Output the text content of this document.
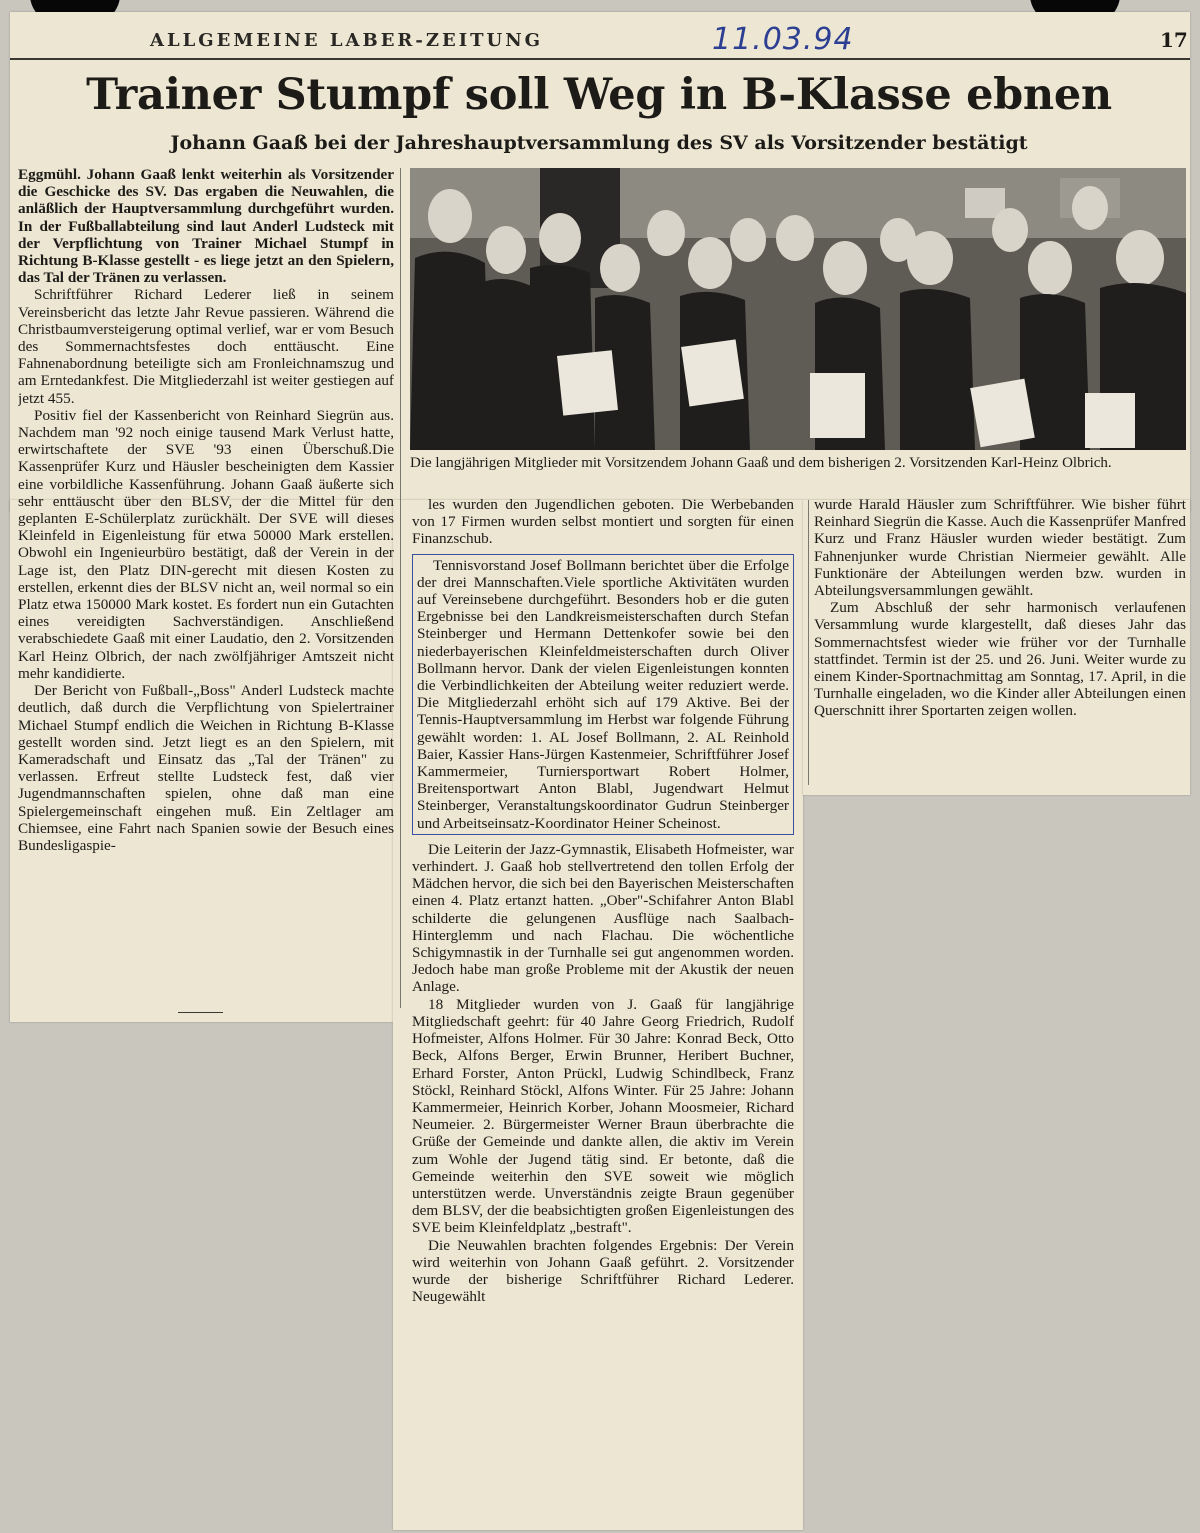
ALLGEMEINE LABER-ZEITUNG	17
11.03.94
Trainer Stumpf soll Weg in B-Klasse ebnen
Johann Gaaß bei der Jahreshauptversammlung des SV als Vorsitzender bestätigt
Die langjährigen Mitglieder mit Vorsitzendem Johann Gaaß und dem bisherigen 2. Vorsitzenden Karl-Heinz Olbrich.

Eggmühl. Johann Gaaß lenkt weiterhin als Vorsitzender die Geschicke des SV. Das ergaben die Neuwahlen, die anläßlich der Hauptversammlung durchgeführt wurden. In der Fußballabteilung sind laut Anderl Ludsteck mit der Verpflichtung von Trainer Michael Stumpf in Richtung B-Klasse gestellt - es liege jetzt an den Spielern, das Tal der Tränen zu verlassen.

Schriftführer Richard Lederer ließ in seinem Vereinsbericht das letzte Jahr Revue passieren. Während die Christbaumversteigerung optimal verlief, war er vom Besuch des Sommernachtsfestes doch enttäuscht. Eine Fahnenabordnung beteiligte sich am Fronleichnamszug und am Erntedankfest. Die Mitgliederzahl ist weiter gestiegen auf jetzt 455.

Positiv fiel der Kassenbericht von Reinhard Siegrün aus. Nachdem man '92 noch einige tausend Mark Verlust hatte, erwirtschaftete der SVE '93 einen Überschuß.Die Kassenprüfer Kurz und Häusler bescheinigten dem Kassier eine vorbildliche Kassenführung. Johann Gaaß äußerte sich sehr enttäuscht über den BLSV, der die Mittel für den geplanten E-Schülerplatz zurückhält. Der SVE will dieses Kleinfeld in Eigenleistung für etwa 50000 Mark erstellen. Obwohl ein Ingenieurbüro bestätigt, daß der Verein in der Lage ist, den Platz DIN-gerecht mit diesen Kosten zu erstellen, erkennt dies der BLSV nicht an, weil normal so ein Platz etwa 150000 Mark kostet. Es fordert nun ein Gutachten eines vereidigten Sachverständigen. Anschließend verabschiedete Gaaß mit einer Laudatio, den 2. Vorsitzenden Karl Heinz Olbrich, der nach zwölfjähriger Amtszeit nicht mehr kandidierte.

Der Bericht von Fußball-„Boss" Anderl Ludsteck machte deutlich, daß durch die Verpflichtung von Spielertrainer Michael Stumpf endlich die Weichen in Richtung B-Klasse gestellt worden sind. Jetzt liegt es an den Spielern, mit Kameradschaft und Einsatz das „Tal der Tränen" zu verlassen. Erfreut stellte Ludsteck fest, daß vier Jugendmannschaften spielen, ohne daß man eine Spielergemeinschaft eingehen muß. Ein Zeltlager am Chiemsee, eine Fahrt nach Spanien sowie der Besuch eines Bundesligaspie-

les wurden den Jugendlichen geboten. Die Werbebanden von 17 Firmen wurden selbst montiert und sorgten für einen Finanzschub.

Tennisvorstand Josef Bollmann berichtet über die Erfolge der drei Mannschaften.Viele sportliche Aktivitäten wurden auf Vereinsebene durchgeführt. Besonders hob er die guten Ergebnisse bei den Landkreismeisterschaften durch Stefan Steinberger und Hermann Dettenkofer sowie bei den niederbayerischen Kleinfeldmeisterschaften durch Oliver Bollmann hervor. Dank der vielen Eigenleistungen konnten die Verbindlichkeiten der Abteilung weiter reduziert werde. Die Mitgliederzahl erhöht sich auf 179 Aktive. Bei der Tennis-Hauptversammlung im Herbst war folgende Führung gewählt worden: 1. AL Josef Bollmann, 2. AL Reinhold Baier, Kassier Hans-Jürgen Kastenmeier, Schriftführer Josef Kammermeier, Turniersportwart Robert Holmer, Breitensportwart Anton Blabl, Jugendwart Helmut Steinberger, Veranstaltungskoordinator Gudrun Steinberger und Arbeitseinsatz-Koordinator Heiner Scheinost.

Die Leiterin der Jazz-Gymnastik, Elisabeth Hofmeister, war verhindert. J. Gaaß hob stellvertretend den tollen Erfolg der Mädchen hervor, die sich bei den Bayerischen Meisterschaften einen 4. Platz ertanzt hatten. „Ober"-Schifahrer Anton Blabl schilderte die gelungenen Ausflüge nach Saalbach-Hinterglemm und nach Flachau. Die wöchentliche Schigymnastik in der Turnhalle sei gut angenommen worden. Jedoch habe man große Probleme mit der Akustik der neuen Anlage.

18 Mitglieder wurden von J. Gaaß für langjährige Mitgliedschaft geehrt: für 40 Jahre Georg Friedrich, Rudolf Hofmeister, Alfons Holmer. Für 30 Jahre: Konrad Beck, Otto Beck, Alfons Berger, Erwin Brunner, Heribert Buchner, Erhard Forster, Anton Prückl, Ludwig Schindlbeck, Franz Stöckl, Reinhard Stöckl, Alfons Winter. Für 25 Jahre: Johann Kammermeier, Heinrich Korber, Johann Moosmeier, Richard Neumeier. 2. Bürgermeister Werner Braun überbrachte die Grüße der Gemeinde und dankte allen, die aktiv im Verein zum Wohle der Jugend tätig sind. Er betonte, daß die Gemeinde weiterhin den SVE soweit wie möglich unterstützen werde. Unverständnis zeigte Braun gegenüber dem BLSV, der die beabsichtigten großen Eigenleistungen des SVE beim Kleinfeldplatz „bestraft".

Die Neuwahlen brachten folgendes Ergebnis: Der Verein wird weiterhin von Johann Gaaß geführt. 2. Vorsitzender wurde der bisherige Schriftführer Richard Lederer. Neugewählt

wurde Harald Häusler zum Schriftführer. Wie bisher führt Reinhard Siegrün die Kasse. Auch die Kassenprüfer Manfred Kurz und Franz Häusler wurden wieder bestätigt. Zum Fahnenjunker wurde Christian Niermeier gewählt. Alle Funktionäre der Abteilungen werden bzw. wurden in Abteilungsversammlungen gewählt.

Zum Abschluß der sehr harmonisch verlaufenen Versammlung wurde klargestellt, daß dieses Jahr das Sommernachtsfest wieder wie früher vor der Turnhalle stattfindet. Termin ist der 25. und 26. Juni. Weiter wurde zu einem Kinder-Sportnachmittag am Sonntag, 17. April, in die Turnhalle eingeladen, wo die Kinder aller Abteilungen einen Querschnitt ihrer Sportarten zeigen wollen.
